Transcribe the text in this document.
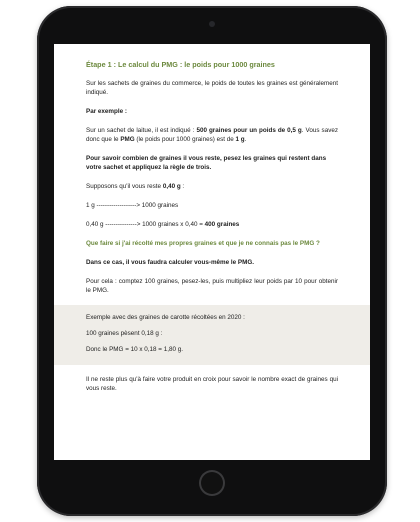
Étape 1 : Le calcul du PMG : le poids pour 1000 graines

Sur les sachets de graines du commerce, le poids de toutes les graines est généralement indiqué.

Par exemple :

Sur un sachet de laitue, il est indiqué : 500 graines pour un poids de 0,5 g. Vous savez donc que le PMG (le poids pour 1000 graines) est de 1 g.

Pour savoir combien de graines il vous reste, pesez les graines qui restent dans votre sachet et appliquez la règle de trois.

Supposons qu'il vous reste 0,40 g :

1 g -------------------> 1000 graines

0,40 g ---------------> 1000 graines x 0,40 = 400 graines

Que faire si j'ai récolté mes propres graines et que je ne connais pas le PMG ?

Dans ce cas, il vous faudra calculer vous-même le PMG.

Pour cela : comptez 100 graines, pesez-les, puis multipliez leur poids par 10 pour obtenir le PMG.

Exemple avec des graines de carotte récoltées en 2020 :

100 graines pèsent 0,18 g :

Donc le PMG = 10 x 0,18 = 1,80 g.

Il ne reste plus qu'à faire votre produit en croix pour savoir le nombre exact de graines qui vous reste.
